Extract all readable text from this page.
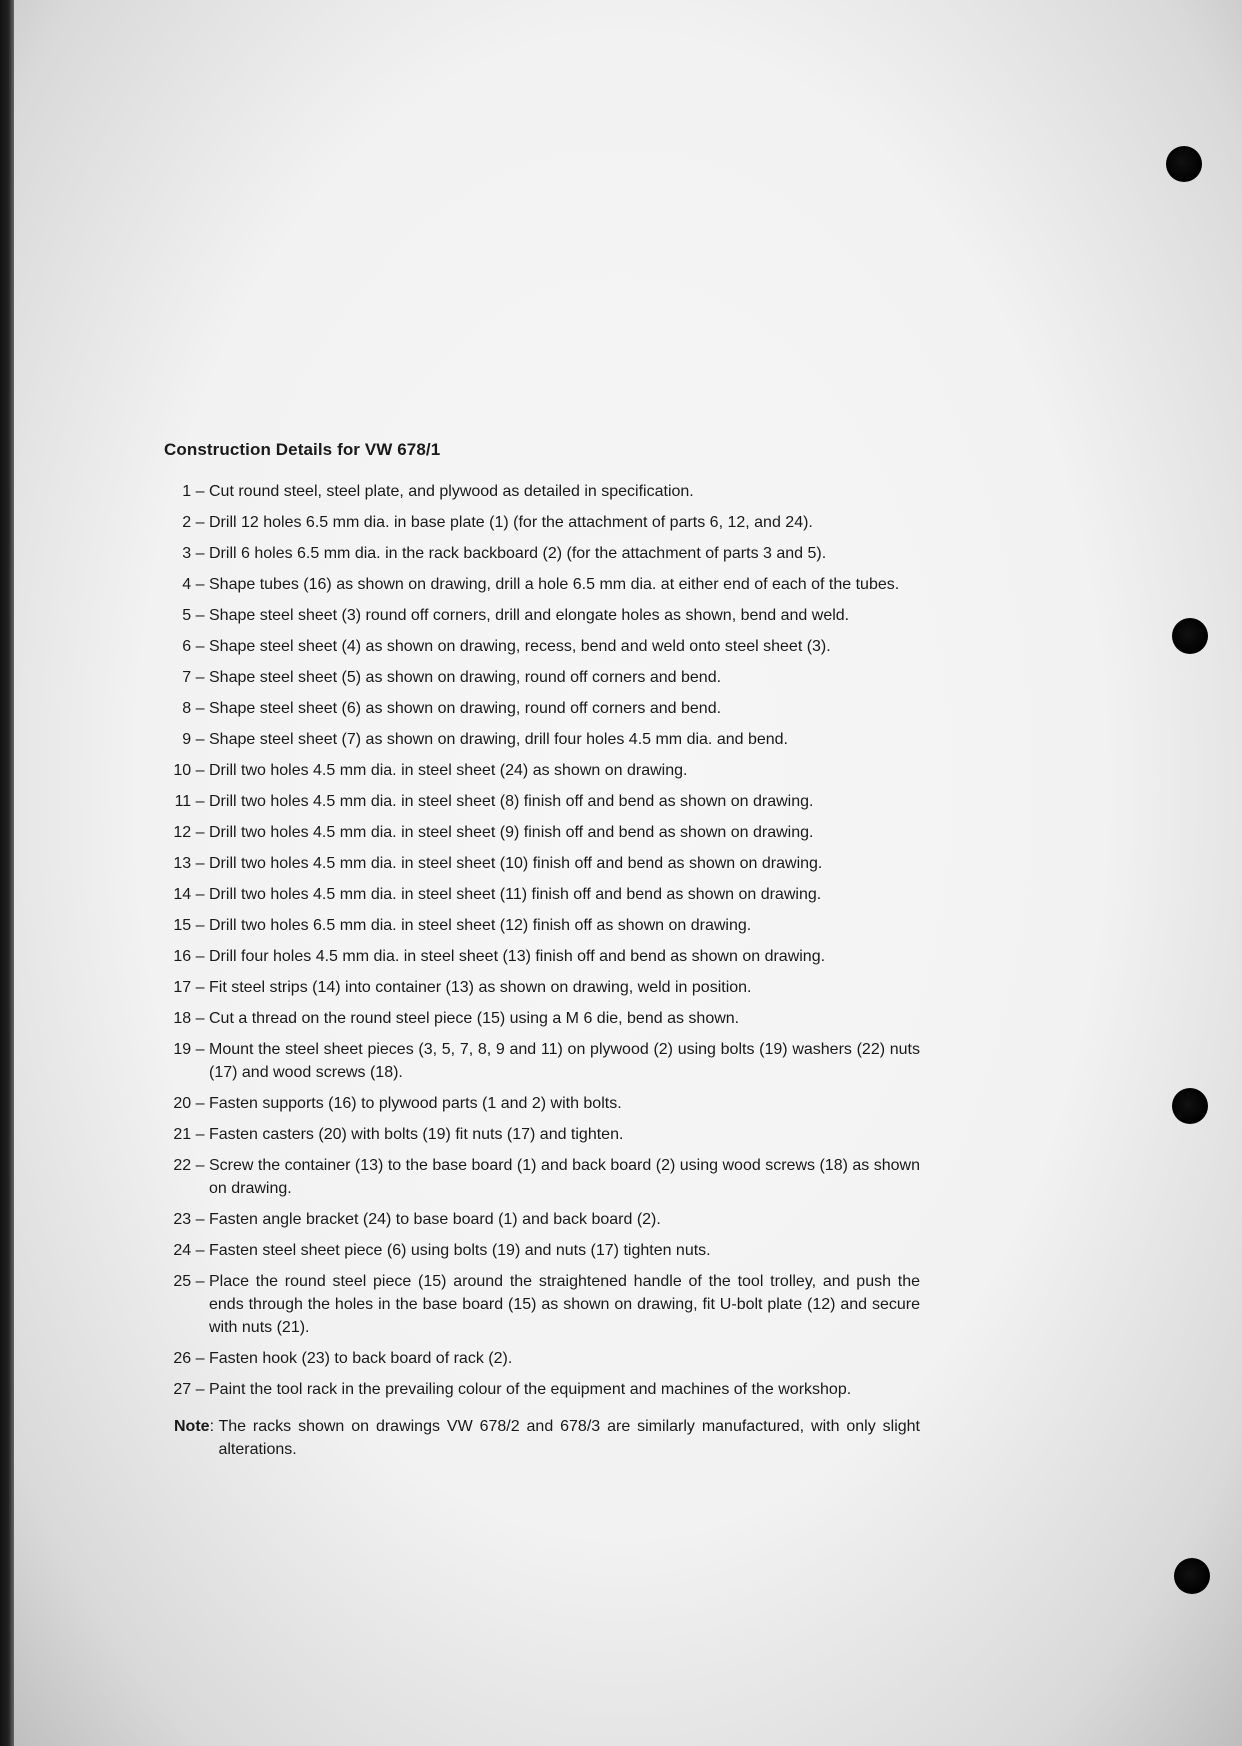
Construction Details for VW 678/1
1 –	Cut round steel, steel plate, and plywood as detailed in specification.
2 –	Drill 12 holes 6.5 mm dia. in base plate (1) (for the attachment of parts 6, 12, and 24).
3 –	Drill 6 holes 6.5 mm dia. in the rack backboard (2) (for the attachment of parts 3 and 5).
4 –	Shape tubes (16) as shown on drawing, drill a hole 6.5 mm dia. at either end of each of the tubes.
5 –	Shape steel sheet (3) round off corners, drill and elongate holes as shown, bend and weld.
6 –	Shape steel sheet (4) as shown on drawing, recess, bend and weld onto steel sheet (3).
7 –	Shape steel sheet (5) as shown on drawing, round off corners and bend.
8 –	Shape steel sheet (6) as shown on drawing, round off corners and bend.
9 –	Shape steel sheet (7) as shown on drawing, drill four holes 4.5 mm dia. and bend.
10 –	Drill two holes 4.5 mm dia. in steel sheet (24) as shown on drawing.
11 –	Drill two holes 4.5 mm dia. in steel sheet (8) finish off and bend as shown on drawing.
12 –	Drill two holes 4.5 mm dia. in steel sheet (9) finish off and bend as shown on drawing.
13 –	Drill two holes 4.5 mm dia. in steel sheet (10) finish off and bend as shown on drawing.
14 –	Drill two holes 4.5 mm dia. in steel sheet (11) finish off and bend as shown on drawing.
15 –	Drill two holes 6.5 mm dia. in steel sheet (12) finish off as shown on drawing.
16 –	Drill four holes 4.5 mm dia. in steel sheet (13) finish off and bend as shown on drawing.
17 –	Fit steel strips (14) into container (13) as shown on drawing, weld in position.
18 –	Cut a thread on the round steel piece (15) using a M 6 die, bend as shown.
19 –	Mount the steel sheet pieces (3, 5, 7, 8, 9 and 11) on plywood (2) using bolts (19) washers (22) nuts (17) and wood screws (18).
20 –	Fasten supports (16) to plywood parts (1 and 2) with bolts.
21 –	Fasten casters (20) with bolts (19) fit nuts (17) and tighten.
22 –	Screw the container (13) to the base board (1) and back board (2) using wood screws (18) as shown on drawing.
23 –	Fasten angle bracket (24) to base board (1) and back board (2).
24 –	Fasten steel sheet piece (6) using bolts (19) and nuts (17) tighten nuts.
25 –	Place the round steel piece (15) around the straightened handle of the tool trolley, and push the ends through the holes in the base board (15) as shown on drawing, fit U-bolt plate (12) and secure with nuts (21).
26 –	Fasten hook (23) to back board of rack (2).
27 –	Paint the tool rack in the prevailing colour of the equipment and machines of the workshop.
Note : The racks shown on drawings VW 678/2 and 678/3 are similarly manufactured, with only slight alterations.
